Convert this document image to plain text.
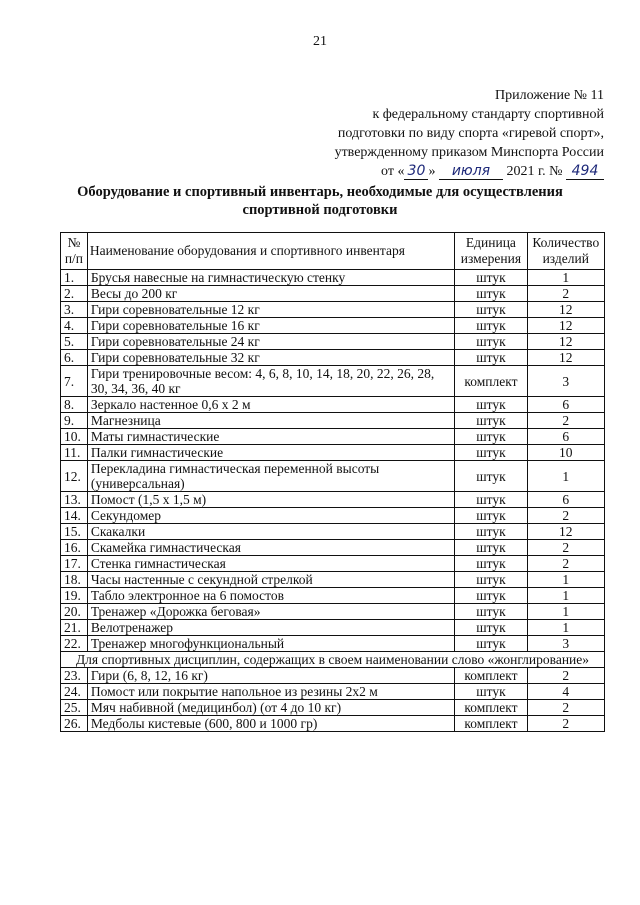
21
Приложение № 11
к федеральному стандарту спортивной
подготовки по виду спорта «гиревой спорт»,
утвержденному приказом Минспорта России
от « 30 » июля 2021 г. № 494
Оборудование и спортивный инвентарь, необходимые для осуществления
спортивной подготовки
№ п/п	Наименование оборудования и спортивного инвентаря	Единица измерения	Количество изделий
1.	Брусья навесные на гимнастическую стенку	штук	1
2.	Весы до 200 кг	штук	2
3.	Гири соревновательные 12 кг	штук	12
4.	Гири соревновательные 16 кг	штук	12
5.	Гири соревновательные 24 кг	штук	12
6.	Гири соревновательные 32 кг	штук	12
7.	Гири тренировочные весом: 4, 6, 8, 10, 14, 18, 20, 22, 26, 28, 30, 34, 36, 40 кг	комплект	3
8.	Зеркало настенное 0,6 х 2 м	штук	6
9.	Магнезница	штук	2
10.	Маты гимнастические	штук	6
11.	Палки гимнастические	штук	10
12.	Перекладина гимнастическая переменной высоты (универсальная)	штук	1
13.	Помост (1,5 х 1,5 м)	штук	6
14.	Секундомер	штук	2
15.	Скакалки	штук	12
16.	Скамейка гимнастическая	штук	2
17.	Стенка гимнастическая	штук	2
18.	Часы настенные с секундной стрелкой	штук	1
19.	Табло электронное на 6 помостов	штук	1
20.	Тренажер «Дорожка беговая»	штук	1
21.	Велотренажер	штук	1
22.	Тренажер многофункциональный	штук	3
Для спортивных дисциплин, содержащих в своем наименовании слово «жонглирование»			
23.	Гири (6, 8, 12, 16 кг)	комплект	2
24.	Помост или покрытие напольное из резины 2х2 м	штук	4
25.	Мяч набивной (медицинбол) (от 4 до 10 кг)	комплект	2
26.	Медболы кистевые (600, 800 и 1000 гр)	комплект	2
